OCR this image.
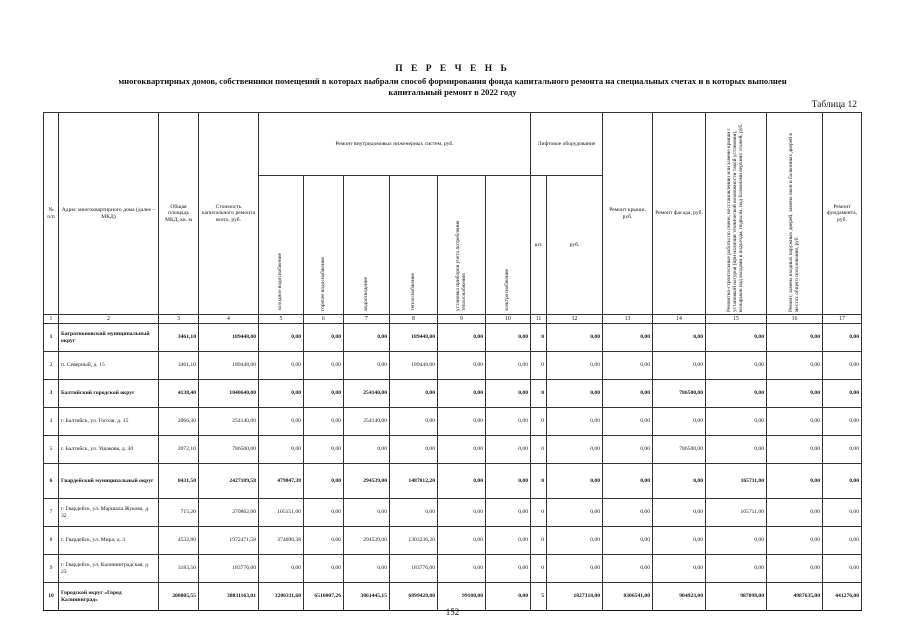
П Е Р Е Ч Е Н Ь
многоквартирных домов, собственники помещений в которых выбрали способ формирования фонда капитального ремонта на специальных счетах и в которых выполнен
капитальный ремонт в 2022 году
Таблица 12
№ п/п	Адрес многоквартирного дома (далее – МКД)	Общая площадь МКД, кв. м	Стоимость капитального ремонта всего, руб.	Ремонт внутридомовых инженерных систем, руб.						Лифтовое оборудование		Ремонт крыши, руб.	Ремонт фасада, руб.	Ремонтно-строительные работы по смене, восстановлению или замене крыши с установкой натуров (при наличии технической возможности такой установки), козырьков над входами в подъезды, подвалы, над балконами верхних этажей, руб.	Ремонт, замена входных наружных дверей, замена окон и балконных дверей в местах общего пользования, руб.	Ремонт фундамента, руб.

				холодное водоснабжение	горячее водоснабжение	водоотведение	теплоснабжение	установка приборов учета потребления теплоснабжения	электроснабжение	шт.	руб.					
1	2	3	4	5	6	7	8	9	10	11	12	13	14	15	16	17
1	Багратионовский муниципальный округ	3461,10	189448,00	0,00	0,00	0,00	189448,00	0,00	0,00	0	0,00	0,00	0,00	0,00	0,00	0,00
2	п. Северный, д. 15	3461,10	189448,00	0,00	0,00	0,00	189448,00	0,00	0,00	0	0,00	0,00	0,00	0,00	0,00	0,00
3	Балтийский городской округ	4138,40	1040640,00	0,00	0,00	254140,00	0,00	0,00	0,00	0	0,00	0,00	786500,00	0,00	0,00	0,00
4	г. Балтийск, ул. Гоголя, д. 15	2066,30	254140,00	0,00	0,00	254140,00	0,00	0,00	0,00	0	0,00	0,00	0,00	0,00	0,00	0,00
5	г. Балтийск, ул. Ушакова, д. 30	2072,10	786500,00	0,00	0,00	0,00	0,00	0,00	0,00	0	0,00	0,00	786500,00	0,00	0,00	0,00
6	Гвардейский муниципальный округ	8431,50	2427109,58	479847,38	0,00	294539,00	1487012,20	0,00	0,00	0	0,00	0,00	0,00	165711,00	0,00	0,00
7	г. Гвардейск, ул. Маршала Жукова, д. 32	715,20	270862,00	105151,00	0,00	0,00	0,00	0,00	0,00	0	0,00	0,00	0,00	165711,00	0,00	0,00
8	г. Гвардейск, ул. Мира, д. 3	4532,80	1972471,58	374696,38	0,00	294539,00	1303236,20	0,00	0,00	0	0,00	0,00	0,00	0,00	0,00	0,00
9	г. Гвардейск, ул. Калининградская, д. 23	3183,50	183776,00	0,00	0,00	0,00	183776,00	0,00	0,00	0	0,00	0,00	0,00	0,00	0,00	0,00
10	Городской округ «Город Калининград»	200805,55	38031163,01	3206311,60	6510007,26	3861445,15	6899428,00	99180,00	0,00	5	1827318,00	8306541,00	904923,00	987098,00	4987635,00	441276,00
152
